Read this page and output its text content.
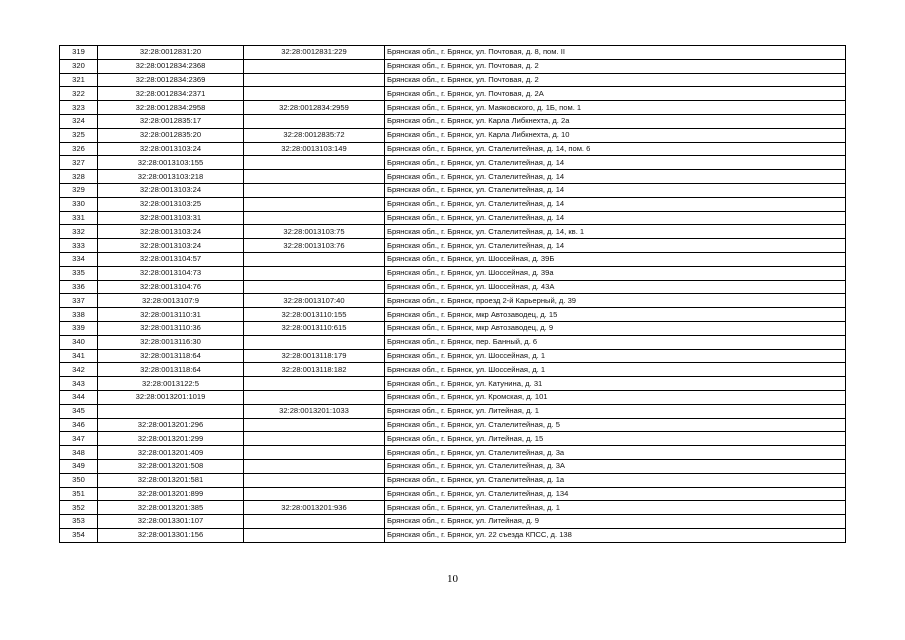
319	32:28:0012831:20	32:28:0012831:229	Брянская обл., г. Брянск, ул. Почтовая, д. 8, пом. II
320	32:28:0012834:2368		Брянская обл., г. Брянск, ул. Почтовая, д. 2
321	32:28:0012834:2369		Брянская обл., г. Брянск, ул. Почтовая, д. 2
322	32:28:0012834:2371		Брянская обл., г. Брянск, ул. Почтовая, д. 2А
323	32:28:0012834:2958	32:28:0012834:2959	Брянская обл., г. Брянск, ул. Маяковского, д. 1Б, пом. 1
324	32:28:0012835:17		Брянская обл., г. Брянск, ул. Карла Либкнехта, д. 2а
325	32:28:0012835:20	32:28:0012835:72	Брянская обл., г. Брянск, ул. Карла Либкнехта, д. 10
326	32:28:0013103:24	32:28:0013103:149	Брянская обл., г. Брянск, ул. Сталелитейная, д. 14, пом. 6
327	32:28:0013103:155		Брянская обл., г. Брянск, ул. Сталелитейная, д. 14
328	32:28:0013103:218		Брянская обл., г. Брянск, ул. Сталелитейная, д. 14
329	32:28:0013103:24		Брянская обл., г. Брянск, ул. Сталелитейная, д. 14
330	32:28:0013103:25		Брянская обл., г. Брянск, ул. Сталелитейная, д. 14
331	32:28:0013103:31		Брянская обл., г. Брянск, ул. Сталелитейная, д. 14
332	32:28:0013103:24	32:28:0013103:75	Брянская обл., г. Брянск, ул. Сталелитейная, д. 14, кв. 1
333	32:28:0013103:24	32:28:0013103:76	Брянская обл., г. Брянск, ул. Сталелитейная, д. 14
334	32:28:0013104:57		Брянская обл., г. Брянск, ул. Шоссейная, д. 39Б
335	32:28:0013104:73		Брянская обл., г. Брянск, ул. Шоссейная, д. 39а
336	32:28:0013104:76		Брянская обл., г. Брянск, ул. Шоссейная, д. 43А
337	32:28:0013107:9	32:28:0013107:40	Брянская обл., г. Брянск, проезд 2-й Карьерный, д. 39
338	32:28:0013110:31	32:28:0013110:155	Брянская обл., г. Брянск, мкр Автозаводец, д. 15
339	32:28:0013110:36	32:28:0013110:615	Брянская обл., г. Брянск, мкр Автозаводец, д. 9
340	32:28:0013116:30		Брянская обл., г. Брянск, пер. Банный, д. 6
341	32:28:0013118:64	32:28:0013118:179	Брянская обл., г. Брянск, ул. Шоссейная, д. 1
342	32:28:0013118:64	32:28:0013118:182	Брянская обл., г. Брянск, ул. Шоссейная, д. 1
343	32:28:0013122:5		Брянская обл., г. Брянск, ул. Катунина, д. 31
344	32:28:0013201:1019		Брянская обл., г. Брянск, ул. Кромская, д. 101
345		32:28:0013201:1033	Брянская обл., г. Брянск, ул. Литейная, д. 1
346	32:28:0013201:296		Брянская обл., г. Брянск, ул. Сталелитейная, д. 5
347	32:28:0013201:299		Брянская обл., г. Брянск, ул. Литейная, д. 15
348	32:28:0013201:409		Брянская обл., г. Брянск, ул. Сталелитейная, д. 3а
349	32:28:0013201:508		Брянская обл., г. Брянск, ул. Сталелитейная, д. 3А
350	32:28:0013201:581		Брянская обл., г. Брянск, ул. Сталелитейная, д. 1а
351	32:28:0013201:899		Брянская обл., г. Брянск, ул. Сталелитейная, д. 134
352	32:28:0013201:385	32:28:0013201:936	Брянская обл., г. Брянск, ул. Сталелитейная, д. 1
353	32:28:0013301:107		Брянская обл., г. Брянск, ул. Литейная, д. 9
354	32:28:0013301:156		Брянская обл., г. Брянск, ул. 22 съезда КПСС, д. 138
10
